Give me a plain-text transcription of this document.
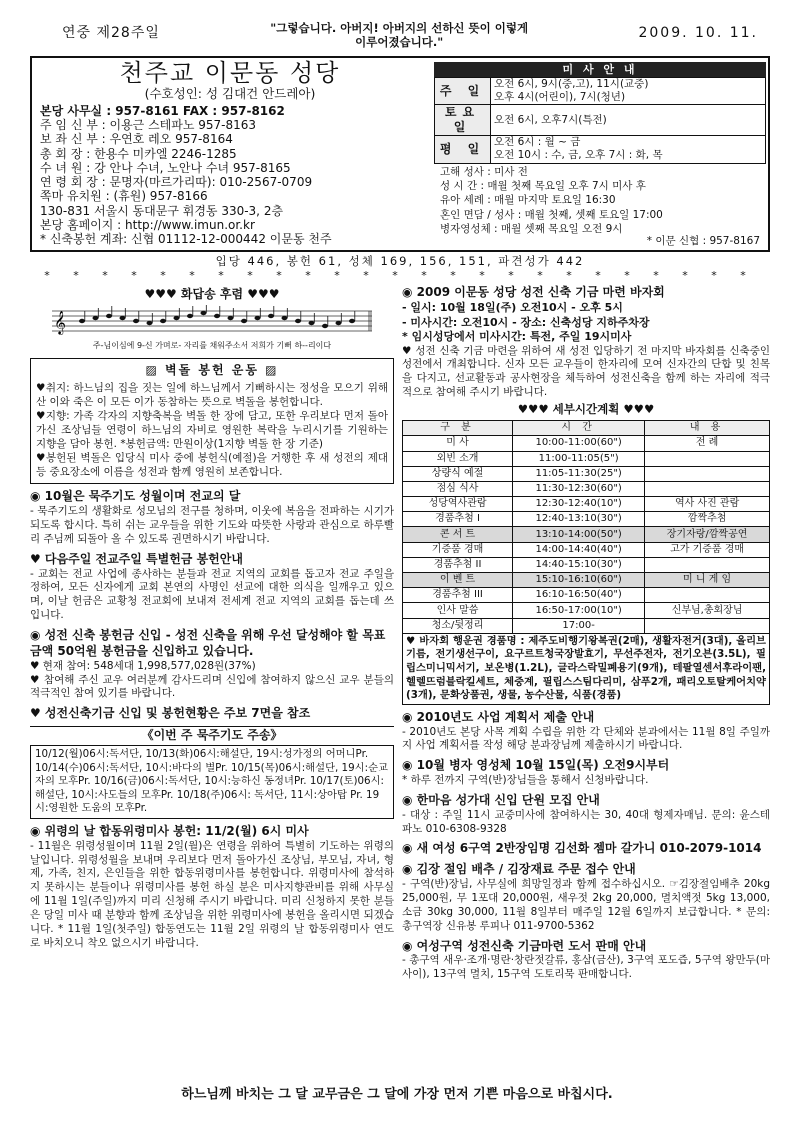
연중 제28주일	"그렇습니다. 아버지! 아버지의 선하신 뜻이 이렇게 이루어졌습니다."
2009. 10. 11.
천주교 이문동 성당
(수호성인: 성 김대건 안드레아)
본당 사무실 : 957-8161 FAX : 957-8162
주 임 신 부 : 이용근 스테파노 957-8163
보 좌 신 부 : 우연호 레오 957-8164
총 회 장 : 한용수 미카엘 2246-1285
수 녀 원 : 강 안나 수녀, 노안나 수녀 957-8165
연 령 회 장 : 문명자(마르가리따): 010-2567-0709
쪽마 유치원 : (휴원) 957-8166
130-831 서울시 동대문구 휘경동 330-3, 2층
본당 홈페이지 : http://www.imun.or.kr
* 신축봉헌 계좌: 신협 01112-12-000442 이문동 천주
미 사 안 내
주 일	오전 6시, 9시(중,고), 11시(교중)
오후 4시(어린이), 7시(청년)

토요일	오전 6시, 오후7시(특전)

평 일	오전 6시 : 월 ~ 금
오전 10시 : 수, 금, 오후 7시 : 화, 목
고해 성사 : 미사 전
성 시 간 : 매월 첫째 목요일 오후 7시 미사 후
유아 세례 : 매월 마지막 토요일 16:30
혼인 면담 / 성사 : 매월 첫째, 셋째 토요일 17:00
병자영성체 : 매월 셋째 목요일 오전 9시
* 이문 신협 : 957-8167
입당 446, 봉헌 61, 성체 169, 156, 151, 파견성가 442
* * * * * * * * * * * * * * * * * * * * * * * * *
♥♥♥ 화답송 후렴 ♥♥♥
𝄞
주-님이심에 9-신 가며로- 자리를 채워주소서 저희가 기뻐 하--리이다
▨ 벽돌 봉헌 운동 ▨
♥취지: 하느님의 집을 짓는 일에 하느님께서 기뻐하시는 정성을 모으기 위해 산 이와 죽은 이 모든 이가 동참하는 뜻으로 벽돌을 봉헌합니다.
♥지향: 가족 각자의 지향축복을 벽돌 한 장에 담고, 또한 우리보다 먼저 돌아가신 조상님들 연령이 하느님의 자비로 영원한 복락을 누리시기를 기원하는 지향을 담아 봉헌. *봉헌금액: 만원이상(1지향 벽돌 한 장 기준)
♥봉헌된 벽돌은 입당식 미사 중에 봉헌식(예절)을 거행한 후 새 성전의 제대 등 중요장소에 이름을 성전과 함께 영원히 보존합니다.
◉ 10월은 묵주기도 성월이며 전교의 달
- 묵주기도의 생활화로 성모님의 전구를 청하며, 이웃에 복음을 전파하는 시기가 되도록 합시다. 특히 쉬는 교우들을 위한 기도와 따뜻한 사랑과 관심으로 하루빨리 주님께 되돌아 올 수 있도록 권면하시기 바랍니다.
♥ 다음주일 전교주일 특별헌금 봉헌안내
- 교회는 전교 사업에 종사하는 분들과 전교 지역의 교회를 돕고자 전교 주일을 정하여, 모든 신자에게 교회 본연의 사명인 선교에 대한 의식을 일깨우고 있으며, 이날 헌금은 교황청 전교회에 보내져 전세계 전교 지역의 교회를 돕는데 쓰입니다.
◉ 성전 신축 봉헌금 신입 - 성전 신축을 위해 우선 달성해야 할 목표금액 50억원 봉헌금을 신입하고 있습니다.
♥ 현재 참여: 548세대 1,998,577,028원(37%)
♥ 참여해 주신 교우 여러분께 감사드리며 신입에 참여하지 않으신 교우 분들의 적극적인 참여 있기를 바랍니다.
♥ 성전신축기금 신입 및 봉헌현황은 주보 7면을 참조
《이번 주 묵주기도 주송》
10/12(월)06시:독서단, 10/13(화)06시:해설단, 19시:성가정의 어머니Pr. 10/14(수)06시:독서단, 10시:바다의 별Pr. 10/15(목)06시:해설단, 19시:순교자의 모후Pr. 10/16(금)06시:독서단, 10시:능하신 동정녀Pr. 10/17(토)06시:해설단, 10시:사도들의 모후Pr. 10/18(주)06시: 독서단, 11시:상아탑 Pr. 19시:영원한 도움의 모후Pr.
◉ 위령의 날 합동위령미사 봉헌: 11/2(월) 6시 미사
- 11월은 위령성월이며 11월 2일(월)은 연령을 위하여 특별히 기도하는 위령의 날입니다. 위령성월을 보내며 우리보다 먼저 돌아가신 조상님, 부모님, 자녀, 형제, 가족, 친지, 은인들을 위한 합동위령미사를 봉헌합니다. 위령미사에 참석하지 못하시는 분들이나 위령미사를 봉헌 하실 분은 미사지향관비를 위해 사무실에 11월 1일(주일)까지 미리 신청해 주시기 바랍니다. 미리 신청하지 못한 분들은 당일 미사 때 분향과 함께 조상님을 위한 위령미사에 봉헌을 올리시면 되겠습니다. * 11월 1일(첫주일) 합동연도는 11월 2일 위령의 날 합동위령미사 연도로 바치오니 착오 없으시기 바랍니다.
◉ 2009 이문동 성당 성전 신축 기금 마련 바자회
- 일시: 10월 18일(주) 오전10시 - 오후 5시
- 미사시간: 오전10시 - 장소: 신축성당 지하주차장
* 임시성당에서 미사시간: 특전, 주일 19시미사
♥ 성전 신축 기금 마련을 위하여 새 성전 입당하기 전 마지막 바자회를 신축중인 성전에서 개최합니다. 신자 모든 교우들이 한자리에 모여 신자간의 단합 및 친목을 다지고, 선교활동과 공사현장을 체득하여 성전신축을 함께 하는 자리에 적극적으로 참여해 주시기 바랍니다.
♥♥♥ 세부시간계획 ♥♥♥
구 분	시 간	내 용
미 사	10:00-11:00(60")	전 례
외빈 소개	11:00-11:05(5")	
상량식 예절	11:05-11:30(25")	
점심 식사	11:30-12:30(60")	
성당역사관람	12:30-12:40(10")	역사 사진 관람
경품추첨 I	12:40-13:10(30")	깜짝추첨
콘 서 트	13:10-14:00(50")	장기자랑/깜짝공연
기증품 경매	14:00-14:40(40")	고가 기증품 경매
경품추첨 II	14:40-15:10(30")	
이 벤 트	15:10-16:10(60")	미 니 게 임
경품추첨 III	16:10-16:50(40")	
인사 말씀	16:50-17:00(10")	신부님,총회장님
청소/뒷정리	17:00-	
♥ 바자회 행운권 경품명 : 제주도비행기왕복권(2매), 생활자전거(3대), 올리브기름, 전기생선구이, 요구르트청국장발효기, 무선주전자, 전기오븐(3.5L), 필립스미니믹서기, 보온병(1.2L), 글라스락밀폐용기(9개), 테팔열센서후라이팬, 헬렐뜨럼블락킬세트, 체중계, 필립스스팀다리미, 삼푸2개, 패리오토탈케어치약(3개), 문화상품권, 생물, 농수산물, 식품(경품)
◉ 2010년도 사업 계획서 제출 안내
- 2010년도 본당 사목 계획 수립을 위한 각 단체와 분과에서는 11월 8일 주일까지 사업 계획서를 작성 해당 분과장님께 제출하시기 바랍니다.
◉ 10월 병자 영성체 10월 15일(목) 오전9시부터
* 하루 전까지 구역(반)장님들을 통해서 신청바랍니다.
◉ 한마음 성가대 신입 단원 모집 안내
- 대상 : 주일 11시 교중미사에 참여하시는 30, 40대 형제자매님. 문의: 윤스테파노 010-6308-9328
◉ 새 여성 6구역 2반장임명 김선화 젬마 갈가니 010-2079-1014
◉ 김장 절임 배추 / 김장재료 주문 접수 안내
- 구역(반)장님, 사무실에 희망일정과 함께 접수하십시오. ☞김장절임배추 20kg 25,000원, 무 1포대 20,000원, 새우젓 2kg 20,000, 멸치액젓 5kg 13,000, 소금 30kg 30,000, 11월 8일부터 매주일 12월 6일까지 보급합니다. * 문의: 총구역장 신유봉 루피나 011-9700-5362
◉ 여성구역 성전신축 기금마련 도서 판매 안내
- 총구역 새우·조개·명란·창란젓갈류, 홍삼(금산), 3구역 포도즙, 5구역 왕만두(마사이), 13구역 멸치, 15구역 도토리묵 판매합니다.
하느님께 바치는 그 달 교무금은 그 달에 가장 먼저 기쁜 마음으로 바칩시다.
